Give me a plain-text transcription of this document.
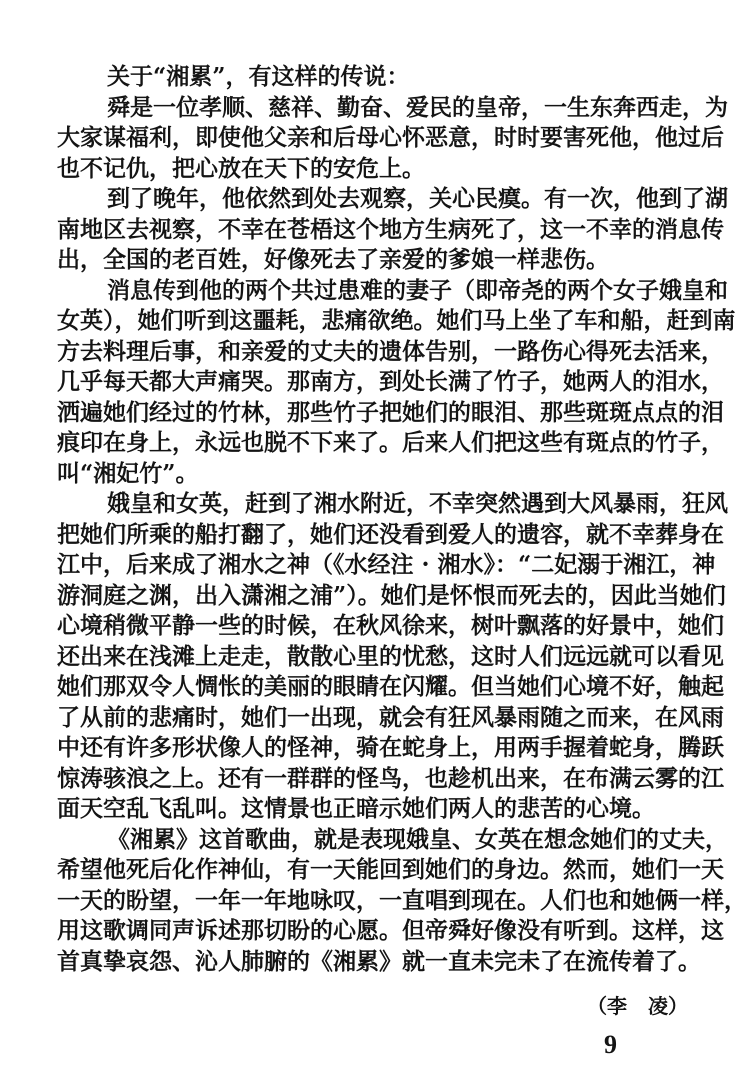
关于“湘累”，有这样的传说：
舜是一位孝顺、慈祥、勤奋、爱民的皇帝，一生东奔西走，为
大家谋福利，即使他父亲和后母心怀恶意，时时要害死他，他过后
也不记仇，把心放在天下的安危上。
到了晚年，他依然到处去观察，关心民瘼。有一次，他到了湖
南地区去视察，不幸在苍梧这个地方生病死了，这一不幸的消息传
出，全国的老百姓，好像死去了亲爱的爹娘一样悲伤。
消息传到他的两个共过患难的妻子（即帝尧的两个女子娥皇和
女英），她们听到这噩耗，悲痛欲绝。她们马上坐了车和船，赶到南
方去料理后事，和亲爱的丈夫的遗体告别，一路伤心得死去活来，
几乎每天都大声痛哭。那南方，到处长满了竹子，她两人的泪水，
洒遍她们经过的竹林，那些竹子把她们的眼泪、那些斑斑点点的泪
痕印在身上，永远也脱不下来了。后来人们把这些有斑点的竹子，
叫“湘妃竹”。
娥皇和女英，赶到了湘水附近，不幸突然遇到大风暴雨，狂风
把她们所乘的船打翻了，她们还没看到爱人的遗容，就不幸葬身在
江中，后来成了湘水之神（《水经注 · 湘水》：“二妃溺于湘江，神
游洞庭之渊，出入潇湘之浦”）。她们是怀恨而死去的，因此当她们
心境稍微平静一些的时候，在秋风徐来，树叶飘落的好景中，她们
还出来在浅滩上走走，散散心里的忧愁，这时人们远远就可以看见
她们那双令人惆怅的美丽的眼睛在闪耀。但当她们心境不好，触起
了从前的悲痛时，她们一出现，就会有狂风暴雨随之而来，在风雨
中还有许多形状像人的怪神，骑在蛇身上，用两手握着蛇身，腾跃
惊涛骇浪之上。还有一群群的怪鸟，也趁机出来，在布满云雾的江
面天空乱飞乱叫。这情景也正暗示她们两人的悲苦的心境。
《湘累》这首歌曲，就是表现娥皇、女英在想念她们的丈夫，
希望他死后化作神仙，有一天能回到她们的身边。然而，她们一天
一天的盼望，一年一年地咏叹，一直唱到现在。人们也和她俩一样，
用这歌调同声诉述那切盼的心愿。但帝舜好像没有听到。这样，这
首真挚哀怨、沁人肺腑的《湘累》就一直未完未了在流传着了。
（李 凌）
9
